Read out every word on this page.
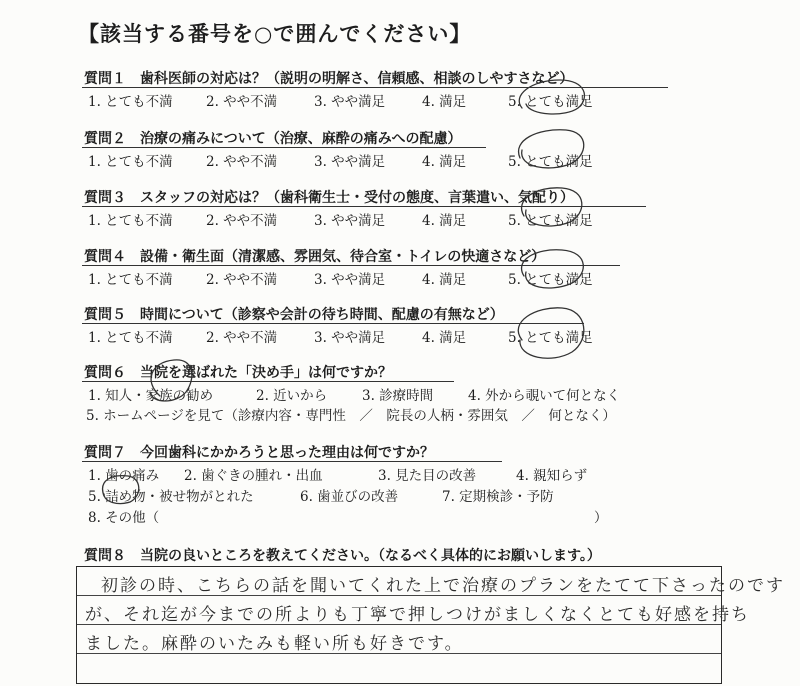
【該当する番号を○で囲んでください】
質問１ 歯科医師の対応は？（説明の明解さ、信頼感、相談のしやすさなど）
1. とても不満 2. やや不満	3. やや満足	4. 満足	5. とても満足
質問２ 治療の痛みについて（治療、麻酔の痛みへの配慮）
1. とても不満 2. やや不満	3. やや満足	4. 満足	5. とても満足
質問３ スタッフの対応は？（歯科衛生士・受付の態度、言葉遣い、気配り）
1. とても不満 2. やや不満	3. やや満足	4. 満足	5. とても満足
質問４ 設備・衛生面（清潔感、雰囲気、待合室・トイレの快適さなど）
1. とても不満 2. やや不満	3. やや満足	4. 満足	5. とても満足
質問５ 時間について（診察や会計の待ち時間、配慮の有無など）
1. とても不満 2. やや不満	3. やや満足	4. 満足	5. とても満足
質問６ 当院を選ばれた「決め手」は何ですか？
1. 知人・家族の勧め	2. 近いから	3. 診療時間	4. 外から覗いて何となく
5. ホームページを見て（診療内容・専門性　／　院長の人柄・雰囲気　／　何となく）
質問７ 今回歯科にかかろうと思った理由は何ですか？
1. 歯の痛み 2. 歯ぐきの腫れ・出血	3. 見た目の改善	4. 親知らず
5. 詰め物・被せ物がとれた	6. 歯並びの改善	7. 定期検診・予防
8. その他（	）
質問８ 当院の良いところを教えてください。（なるべく具体的にお願いします。）
初診の時、こちらの話を聞いてくれた上で治療のプランをたてて下さったのです
が、それ迄が今までの所よりも丁寧で押しつけがましくなくとても好感を持ち
ました。麻酔のいたみも軽い所も好きです。
